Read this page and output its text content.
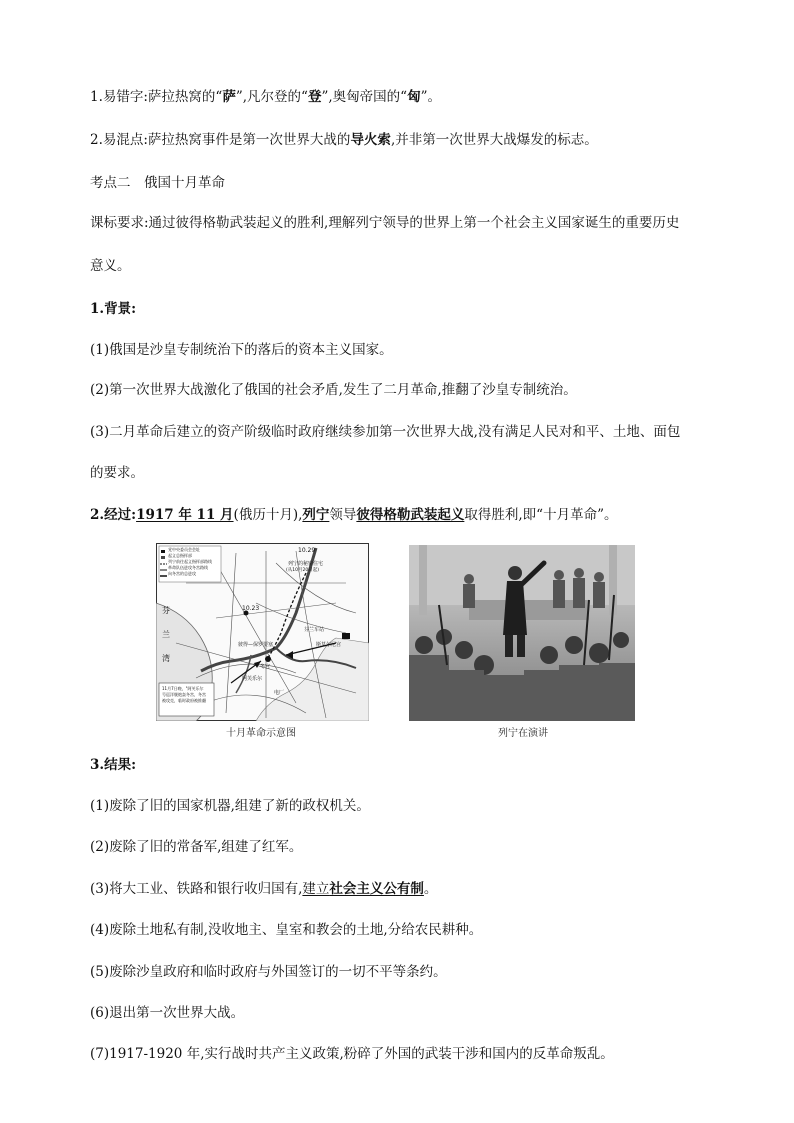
1.易错字:萨拉热窝的“萨”,凡尔登的“登”,奥匈帝国的“匈”。
2.易混点:萨拉热窝事件是第一次世界大战的导火索,并非第一次世界大战爆发的标志。
考点二　俄国十月革命
课标要求:通过彼得格勒武装起义的胜利,理解列宁领导的世界上第一个社会主义国家诞生的重要历史
意义。
1.背景:
(1)俄国是沙皇专制统治下的落后的资本主义国家。
(2)第一次世界大战激化了俄国的社会矛盾,发生了二月革命,推翻了沙皇专制统治。
(3)二月革命后建立的资产阶级临时政府继续参加第一次世界大战,没有满足人民对和平、土地、面包
的要求。
2.经过:1917 年 11 月(俄历十月),列宁领导彼得格勒武装起义取得胜利,即“十月革命”。
党中央委员会会址
起义总指挥部
列宁前往起义指挥部路线
革命队伍进攻冬宫路线
向冬宫的总进攻
10.29
列宁的秘密住宅
(从10月20日起)
10.23
芬
兰
湾
斯莫尔尼宫
芬兰车站
彼得—保罗要塞
冬宫
阿芙乐尔
电厂
11月7日晚，"阿芙乐尔
号巡洋舰炮轰冬宫，冬宫
被攻克，临时政府被推翻
十月革命示意图	列宁在演讲
3.结果:
(1)废除了旧的国家机器,组建了新的政权机关。
(2)废除了旧的常备军,组建了红军。
(3)将大工业、铁路和银行收归国有,建立社会主义公有制。
(4)废除土地私有制,没收地主、皇室和教会的土地,分给农民耕种。
(5)废除沙皇政府和临时政府与外国签订的一切不平等条约。
(6)退出第一次世界大战。
(7)1917-1920 年,实行战时共产主义政策,粉碎了外国的武装干涉和国内的反革命叛乱。
